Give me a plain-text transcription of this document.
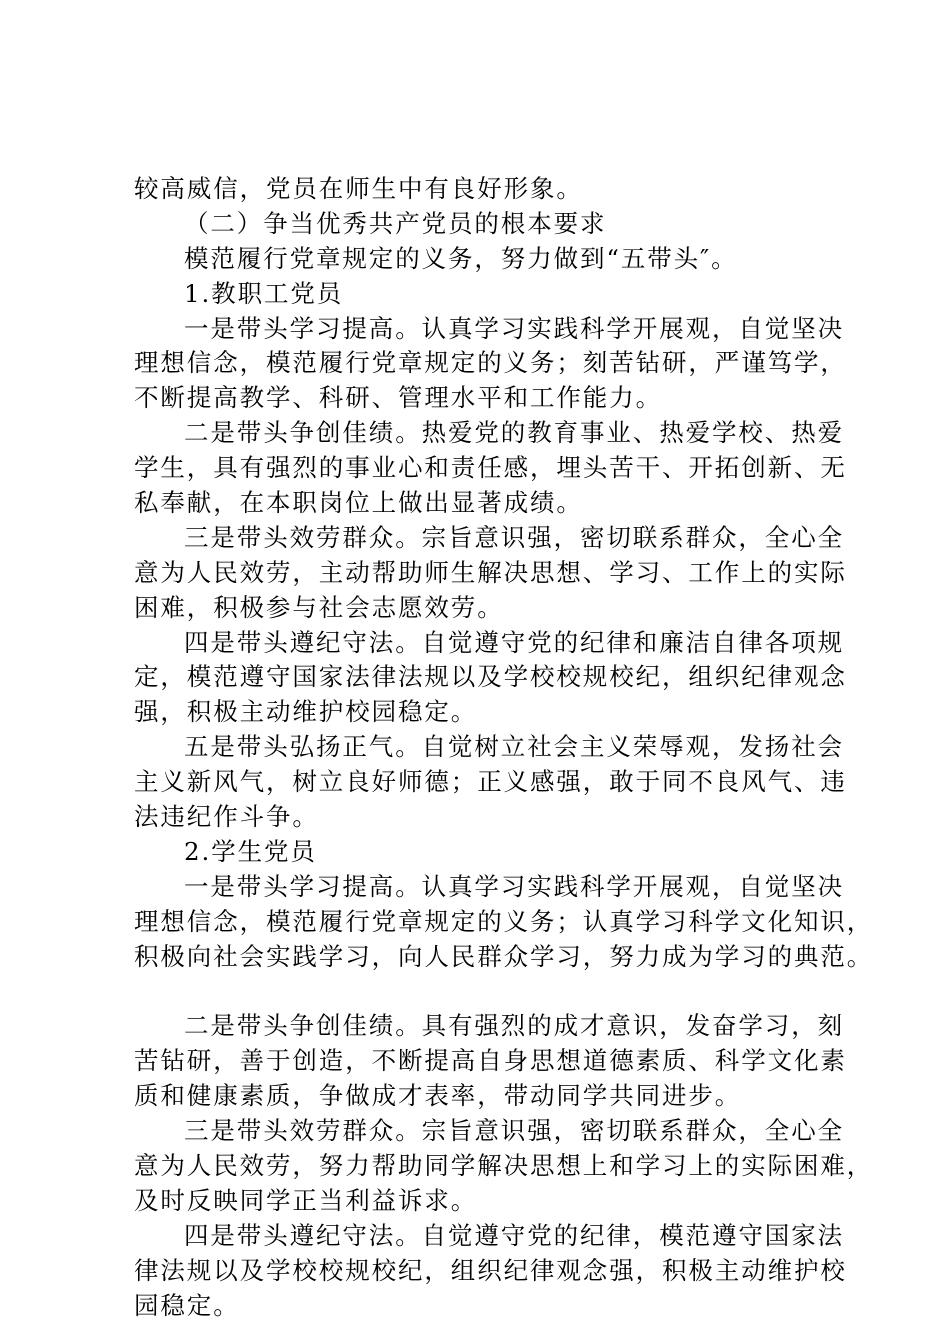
较高威信，党员在师生中有良好形象。
（二）争当优秀共产党员的根本要求
模范履行党章规定的义务，努力做到“五带头″。
1.教职工党员
一是带头学习提高。认真学习实践科学开展观，自觉坚决
理想信念，模范履行党章规定的义务；刻苦钻研，严谨笃学，
不断提高教学、科研、管理水平和工作能力。
二是带头争创佳绩。热爱党的教育事业、热爱学校、热爱
学生，具有强烈的事业心和责任感，埋头苦干、开拓创新、无
私奉献，在本职岗位上做出显著成绩。
三是带头效劳群众。宗旨意识强，密切联系群众，全心全
意为人民效劳，主动帮助师生解决思想、学习、工作上的实际
困难，积极参与社会志愿效劳。
四是带头遵纪守法。自觉遵守党的纪律和廉洁自律各项规
定，模范遵守国家法律法规以及学校校规校纪，组织纪律观念
强，积极主动维护校园稳定。
五是带头弘扬正气。自觉树立社会主义荣辱观，发扬社会
主义新风气，树立良好师德；正义感强，敢于同不良风气、违
法违纪作斗争。
2.学生党员
一是带头学习提高。认真学习实践科学开展观，自觉坚决
理想信念，模范履行党章规定的义务；认真学习科学文化知识，
积极向社会实践学习，向人民群众学习，努力成为学习的典范。
二是带头争创佳绩。具有强烈的成才意识，发奋学习，刻
苦钻研，善于创造，不断提高自身思想道德素质、科学文化素
质和健康素质，争做成才表率，带动同学共同进步。
三是带头效劳群众。宗旨意识强，密切联系群众，全心全
意为人民效劳，努力帮助同学解决思想上和学习上的实际困难，
及时反映同学正当利益诉求。
四是带头遵纪守法。自觉遵守党的纪律，模范遵守国家法
律法规以及学校校规校纪，组织纪律观念强，积极主动维护校
园稳定。
